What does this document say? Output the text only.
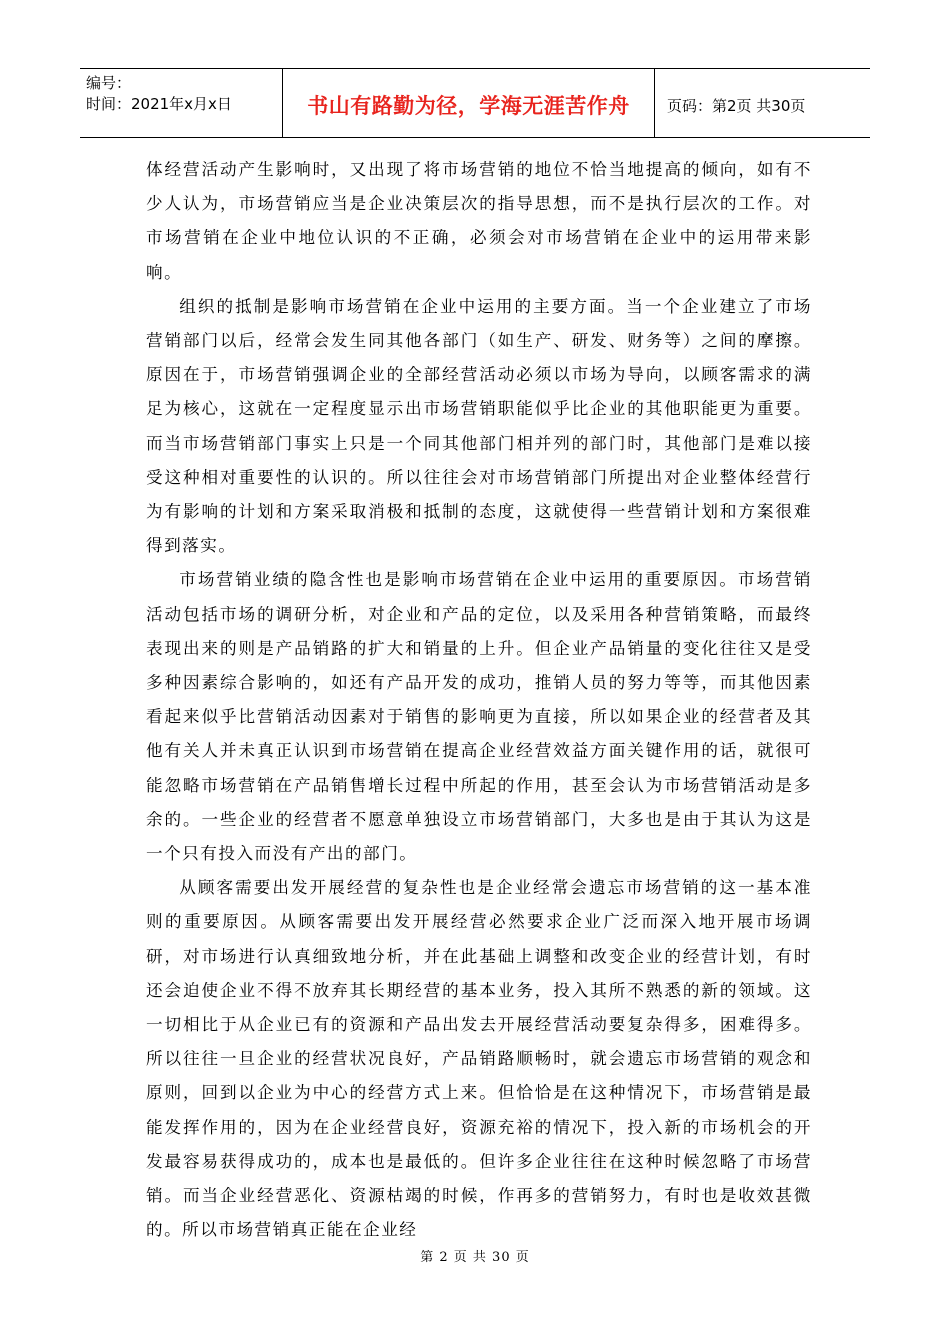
编号：
时间：2021年x月x日	书山有路勤为径，学海无涯苦作舟	页码：第2页 共30页

体经营活动产生影响时，又出现了将市场营销的地位不恰当地提高的倾向，如有不少人认为，市场营销应当是企业决策层次的指导思想，而不是执行层次的工作。对市场营销在企业中地位认识的不正确，必须会对市场营销在企业中的运用带来影响。

组织的抵制是影响市场营销在企业中运用的主要方面。当一个企业建立了市场营销部门以后，经常会发生同其他各部门（如生产、研发、财务等）之间的摩擦。原因在于，市场营销强调企业的全部经营活动必须以市场为导向，以顾客需求的满足为核心，这就在一定程度显示出市场营销职能似乎比企业的其他职能更为重要。而当市场营销部门事实上只是一个同其他部门相并列的部门时，其他部门是难以接受这种相对重要性的认识的。所以往往会对市场营销部门所提出对企业整体经营行为有影响的计划和方案采取消极和抵制的态度，这就使得一些营销计划和方案很难得到落实。

市场营销业绩的隐含性也是影响市场营销在企业中运用的重要原因。市场营销活动包括市场的调研分析，对企业和产品的定位，以及采用各种营销策略，而最终表现出来的则是产品销路的扩大和销量的上升。但企业产品销量的变化往往又是受多种因素综合影响的，如还有产品开发的成功，推销人员的努力等等，而其他因素看起来似乎比营销活动因素对于销售的影响更为直接，所以如果企业的经营者及其他有关人并未真正认识到市场营销在提高企业经营效益方面关键作用的话，就很可能忽略市场营销在产品销售增长过程中所起的作用，甚至会认为市场营销活动是多余的。一些企业的经营者不愿意单独设立市场营销部门，大多也是由于其认为这是一个只有投入而没有产出的部门。

从顾客需要出发开展经营的复杂性也是企业经常会遗忘市场营销的这一基本准则的重要原因。从顾客需要出发开展经营必然要求企业广泛而深入地开展市场调研，对市场进行认真细致地分析，并在此基础上调整和改变企业的经营计划，有时还会迫使企业不得不放弃其长期经营的基本业务，投入其所不熟悉的新的领域。这一切相比于从企业已有的资源和产品出发去开展经营活动要复杂得多，困难得多。所以往往一旦企业的经营状况良好，产品销路顺畅时，就会遗忘市场营销的观念和原则，回到以企业为中心的经营方式上来。但恰恰是在这种情况下，市场营销是最能发挥作用的，因为在企业经营良好，资源充裕的情况下，投入新的市场机会的开发最容易获得成功的，成本也是最低的。但许多企业往往在这种时候忽略了市场营销。而当企业经营恶化、资源枯竭的时候，作再多的营销努力，有时也是收效甚微的。所以市场营销真正能在企业经

第 2 页 共 30 页
